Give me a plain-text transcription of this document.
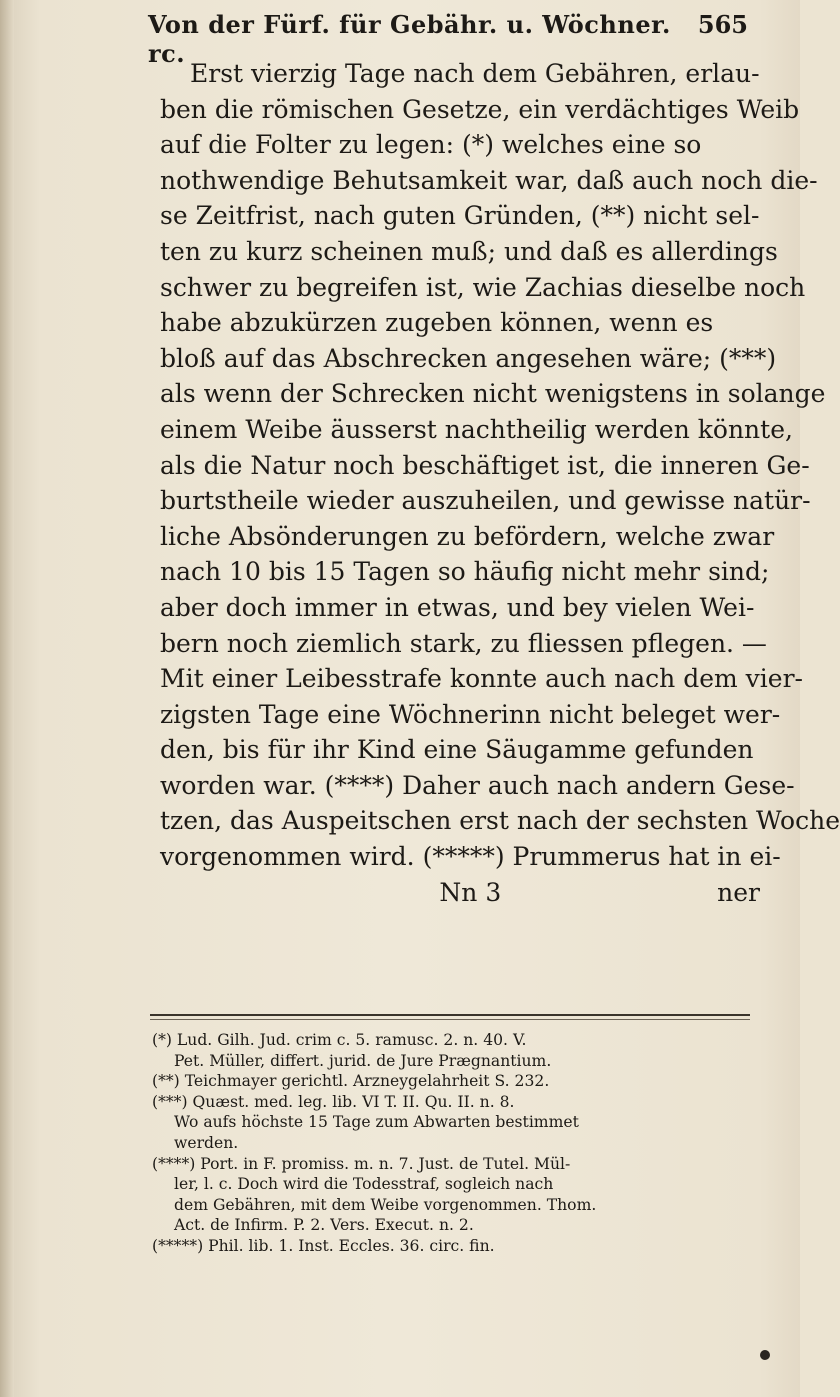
Von der Fürf. für Gebähr. u. Wöchner. rc.
565
Erst vierzig Tage nach dem Gebähren, erlau-
ben die römischen Gesetze, ein verdächtiges Weib
auf die Folter zu legen: (*) welches eine so
nothwendige Behutsamkeit war, daß auch noch die-
se Zeitfrist, nach guten Gründen, (**) nicht sel-
ten zu kurz scheinen muß; und daß es allerdings
schwer zu begreifen ist, wie Zachias dieselbe noch
habe abzukürzen zugeben können, wenn es
bloß auf das Abschrecken angesehen wäre; (***)
als wenn der Schrecken nicht wenigstens in solange
einem Weibe äusserst nachtheilig werden könnte,
als die Natur noch beschäftiget ist, die inneren Ge-
burtstheile wieder auszuheilen, und gewisse natür-
liche Absönderungen zu befördern, welche zwar
nach 10 bis 15 Tagen so häufig nicht mehr sind;
aber doch immer in etwas, und bey vielen Wei-
bern noch ziemlich stark, zu fliessen pflegen. —
Mit einer Leibesstrafe konnte auch nach dem vier-
zigsten Tage eine Wöchnerinn nicht beleget wer-
den, bis für ihr Kind eine Säugamme gefunden
worden war. (****) Daher auch nach andern Gese-
tzen, das Auspeitschen erst nach der sechsten Woche
vorgenommen wird. (*****) Prummerus hat in ei-
Nn 3	ner
(*) Lud. Gilh. Jud. crim c. 5. ramusc. 2. n. 40. V.
Pet. Müller, differt. jurid. de Jure Prægnantium.
(**) Teichmayer gerichtl. Arzneygelahrheit S. 232.
(***) Quæst. med. leg. lib. VI T. II. Qu. II. n. 8.
Wo aufs höchste 15 Tage zum Abwarten bestimmet
werden.
(****) Port. in F. promiss. m. n. 7. Just. de Tutel. Mül-
ler, l. c. Doch wird die Todesstraf, sogleich nach
dem Gebähren, mit dem Weibe vorgenommen. Thom.
Act. de Infirm. P. 2. Vers. Execut. n. 2.
(*****) Phil. lib. 1. Inst. Eccles. 36. circ. fin.
